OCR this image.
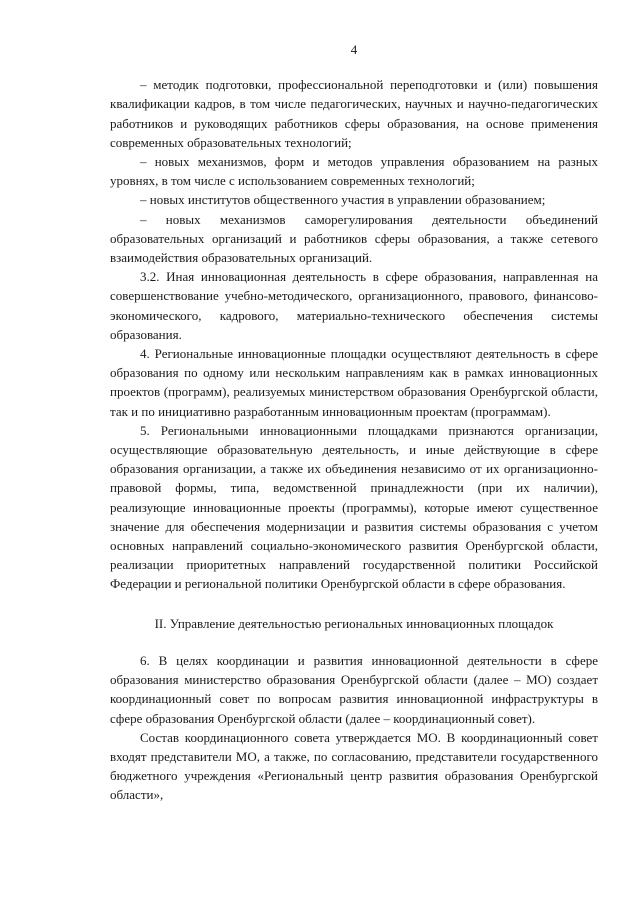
4

– методик подготовки, профессиональной переподготовки и (или) повышения квалификации кадров, в том числе педагогических, научных и научно-педагогических работников и руководящих работников сферы образования, на основе применения современных образовательных технологий;

– новых механизмов, форм и методов управления образованием на разных уровнях, в том числе с использованием современных технологий;

– новых институтов общественного участия в управлении образованием;

– новых механизмов саморегулирования деятельности объединений образовательных организаций и работников сферы образования, а также сетевого взаимодействия образовательных организаций.

3.2. Иная инновационная деятельность в сфере образования, направленная на совершенствование учебно-методического, организационного, правового, финансово-экономического, кадрового, материально-технического обеспечения системы образования.

4. Региональные инновационные площадки осуществляют деятельность в сфере образования по одному или нескольким направлениям как в рамках инновационных проектов (программ), реализуемых министерством образования Оренбургской области, так и по инициативно разработанным инновационным проектам (программам).

5. Региональными инновационными площадками признаются организации, осуществляющие образовательную деятельность, и иные действующие в сфере образования организации, а также их объединения независимо от их организационно-правовой формы, типа, ведомственной принадлежности (при их наличии), реализующие инновационные проекты (программы), которые имеют существенное значение для обеспечения модернизации и развития системы образования с учетом основных направлений социально-экономического развития Оренбургской области, реализации приоритетных направлений государственной политики Российской Федерации и региональной политики Оренбургской области в сфере образования.

II. Управление деятельностью региональных инновационных площадок

6. В целях координации и развития инновационной деятельности в сфере образования министерство образования Оренбургской области (далее – МО) создает координационный совет по вопросам развития инновационной инфраструктуры в сфере образования Оренбургской области (далее – координационный совет).

Состав координационного совета утверждается МО. В координационный совет входят представители МО, а также, по согласованию, представители государственного бюджетного учреждения «Региональный центр развития образования Оренбургской области»,
